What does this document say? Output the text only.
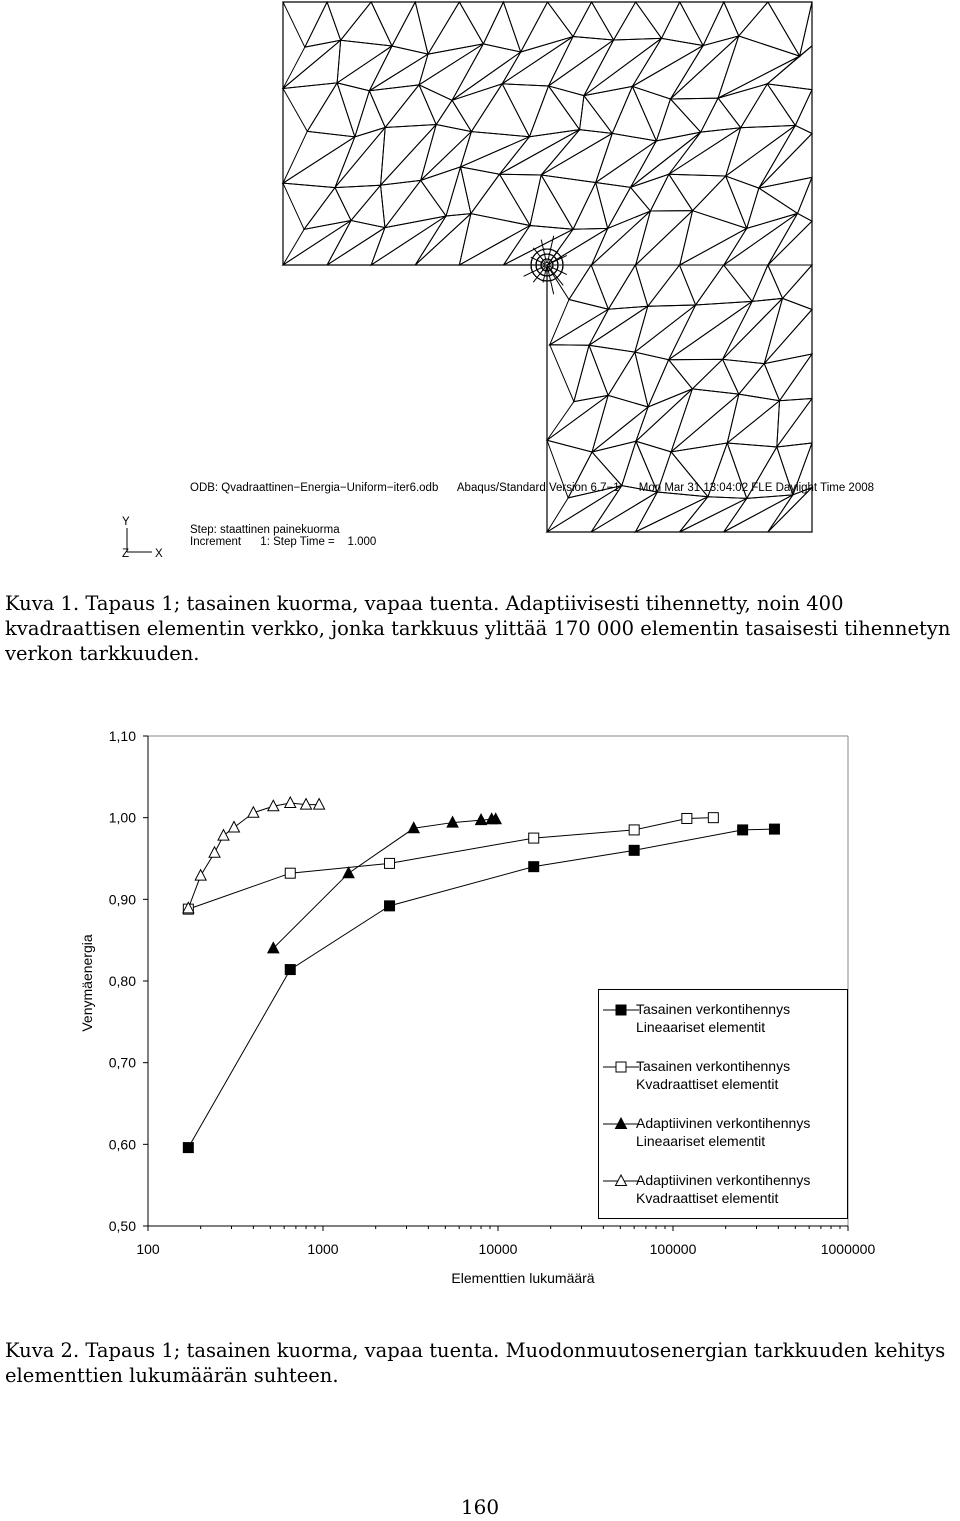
ODB: Qvadraattinen−Energia−Uniform−iter6.odb      Abaqus/Standard Version 6.7−1      Mon Mar 31 13:04:02 FLE Daylight Time 2008
Y
Z X
Step: staattinen painekuorma
Increment      1: Step Time =    1.000
Kuva 1. Tapaus 1; tasainen kuorma, vapaa tuenta. Adaptiivisesti tihennetty, noin 400 kvadraattisen elementin verkko, jonka tarkkuus ylittää 170 000 elementin tasaisesti tihennetyn verkon tarkkuuden.
0,50
0,60
0,70
0,80
0,90
1,00
1,10
100	1000	10000	100000	1000000
Elementtien lukumäärä
Venymäenergia	Tasainen verkontihennys
Lineaariset elementit
Tasainen verkontihennys
Kvadraattiset elementit
Adaptiivinen verkontihennys
Lineaariset elementit
Adaptiivinen verkontihennys
Kvadraattiset elementit
Kuva 2. Tapaus 1; tasainen kuorma, vapaa tuenta. Muodonmuutosenergian tarkkuuden kehitys elementtien lukumäärän suhteen.
160
